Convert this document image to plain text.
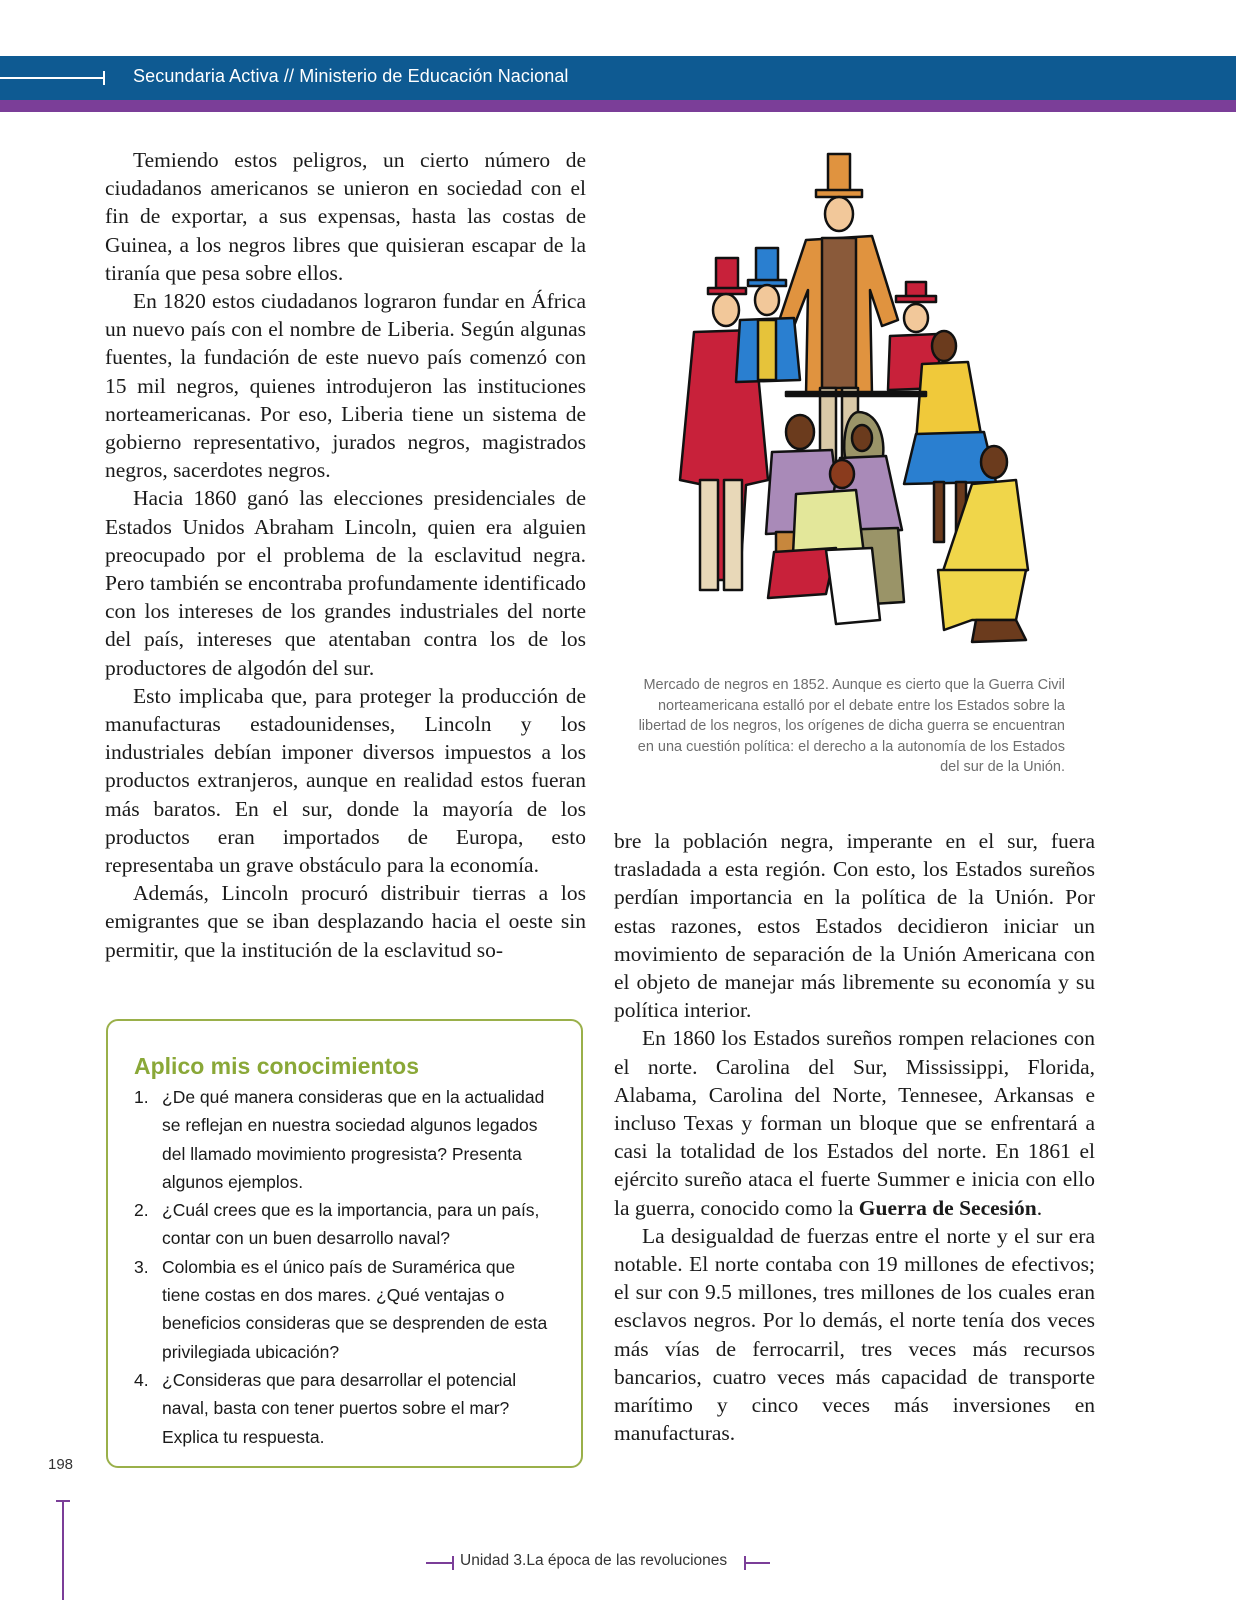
Secundaria Activa // Ministerio de Educación Nacional

Temiendo estos peligros, un cierto número de ciudadanos americanos se unieron en sociedad con el fin de exportar, a sus expensas, hasta las costas de Guinea, a los negros libres que quisieran escapar de la tiranía que pesa sobre ellos.

En 1820 estos ciudadanos lograron fundar en África un nuevo país con el nombre de Liberia. Según algunas fuentes, la fundación de este nuevo país comenzó con 15 mil negros, quienes introdujeron las instituciones norteamericanas. Por eso, Liberia tiene un sistema de gobierno representativo, jurados negros, magistrados negros, sacerdotes negros.

Hacia 1860 ganó las elecciones presidenciales de Estados Unidos Abraham Lincoln, quien era alguien preocupado por el problema de la esclavitud negra. Pero también se encontraba profundamente identificado con los intereses de los grandes industriales del norte del país, intereses que atentaban contra los de los productores de algodón del sur.

Esto implicaba que, para proteger la producción de manufacturas estadounidenses, Lincoln y los industriales debían imponer diversos impuestos a los productos extranjeros, aunque en realidad estos fueran más baratos. En el sur, donde la mayoría de los productos eran importados de Europa, esto representaba un grave obstáculo para la economía.

Además, Lincoln procuró distribuir tierras a los emigrantes que se iban desplazando hacia el oeste sin permitir, que la institución de la esclavitud so-

Mercado de negros en 1852. Aunque es cierto que la Guerra Civil norteamericana estalló por el debate entre los Estados sobre la libertad de los negros, los orígenes de dicha guerra se encuentran en una cuestión política: el derecho a la autonomía de los Estados del sur de la Unión.

bre la población negra, imperante en el sur, fuera trasladada a esta región. Con esto, los Estados sureños perdían importancia en la política de la Unión. Por estas razones, estos Estados decidieron iniciar un movimiento de separación de la Unión Americana con el objeto de manejar más libremente su economía y su política interior.

En 1860 los Estados sureños rompen relaciones con el norte. Carolina del Sur, Mississippi, Florida, Alabama, Carolina del Norte, Tennesee, Arkansas e incluso Texas y forman un bloque que se enfrentará a casi la totalidad de los Estados del norte. En 1861 el ejército sureño ataca el fuerte Summer e inicia con ello la guerra, conocido como la Guerra de Secesión.

La desigualdad de fuerzas entre el norte y el sur era notable. El norte contaba con 19 millones de efectivos; el sur con 9.5 millones, tres millones de los cuales eran esclavos negros. Por lo demás, el norte tenía dos veces más vías de ferrocarril, tres veces más recursos bancarios, cuatro veces más capacidad de transporte marítimo y cinco veces más inversiones en manufacturas.

Aplico mis conocimientos
1. ¿De qué manera consideras que en la actualidad se reflejan en nuestra sociedad algunos legados del llamado movimiento progresista? Presenta algunos ejemplos.
2. ¿Cuál crees que es la importancia, para un país, contar con un buen desarrollo naval?
3. Colombia es el único país de Suramérica que tiene costas en dos mares. ¿Qué ventajas o beneficios consideras que se desprenden de esta privilegiada ubicación?
4. ¿Consideras que para desarrollar el potencial naval, basta con tener puertos sobre el mar? Explica tu respuesta.
198
Unidad 3.La época de las revoluciones
